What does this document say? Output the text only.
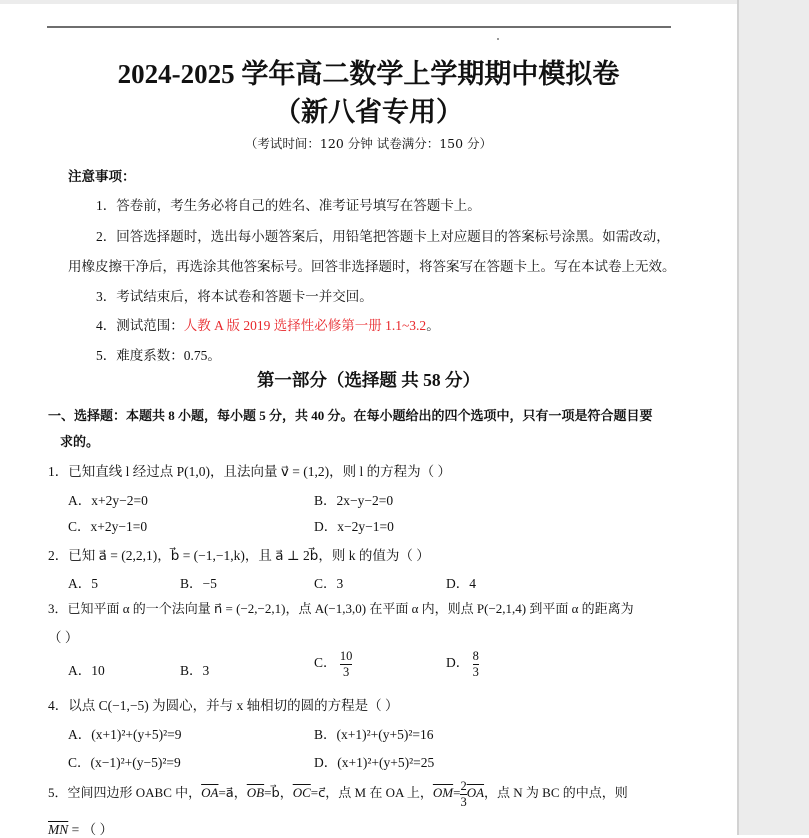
2024-2025 学年高二数学上学期期中模拟卷
（新八省专用）
（考试时间：120 分钟 试卷满分：150 分）
注意事项：
1．答卷前，考生务必将自己的姓名、准考证号填写在答题卡上。
2．回答选择题时，选出每小题答案后，用铅笔把答题卡上对应题目的答案标号涂黑。如需改动，
用橡皮擦干净后，再选涂其他答案标号。回答非选择题时，将答案写在答题卡上。写在本试卷上无效。
3．考试结束后，将本试卷和答题卡一并交回。
4．测试范围：人教 A 版 2019 选择性必修第一册 1.1~3.2。
5．难度系数：0.75。
第一部分（选择题 共 58 分）
一、选择题：本题共 8 小题，每小题 5 分，共 40 分。在每小题给出的四个选项中，只有一项是符合题目要
求的。
1．已知直线 l 经过点 P(1,0)，且法向量 v⃗ = (1,2)，则 l 的方程为（ ）
A．x+2y−2=0	B．2x−y−2=0
C．x+2y−1=0	D．x−2y−1=0
2．已知 a⃗ = (2,2,1)，b⃗ = (−1,−1,k)，且 a⃗ ⊥ 2b⃗，则 k 的值为（ ）
A．5	B．−5	C．3	D．4
3．已知平面 α 的一个法向量 n⃗ = (−2,−2,1)，点 A(−1,3,0) 在平面 α 内，则点 P(−2,1,4) 到平面 α 的距离为
（ ）
A．10	B．3
C． $\frac{10}{3}$	D． $\frac{8}{3}$
4．以点 C(−1,−5) 为圆心，并与 x 轴相切的圆的方程是（ ）
A．(x+1)²+(y+5)²=9	B．(x+1)²+(y+5)²=16
C．(x−1)²+(y−5)²=9	D．(x+1)²+(y+5)²=25
5．空间四边形 OABC 中，$\overline{OA}=a⃗$，$\overline{OB}=b⃗$，$\overline{OC}=c⃗$，点 M 在 OA 上，$\overline{OM}= \frac{2}{3} \overline{OA}$，点 N 为 BC 的中点，则
$\overline{MN}$ = （ ）
